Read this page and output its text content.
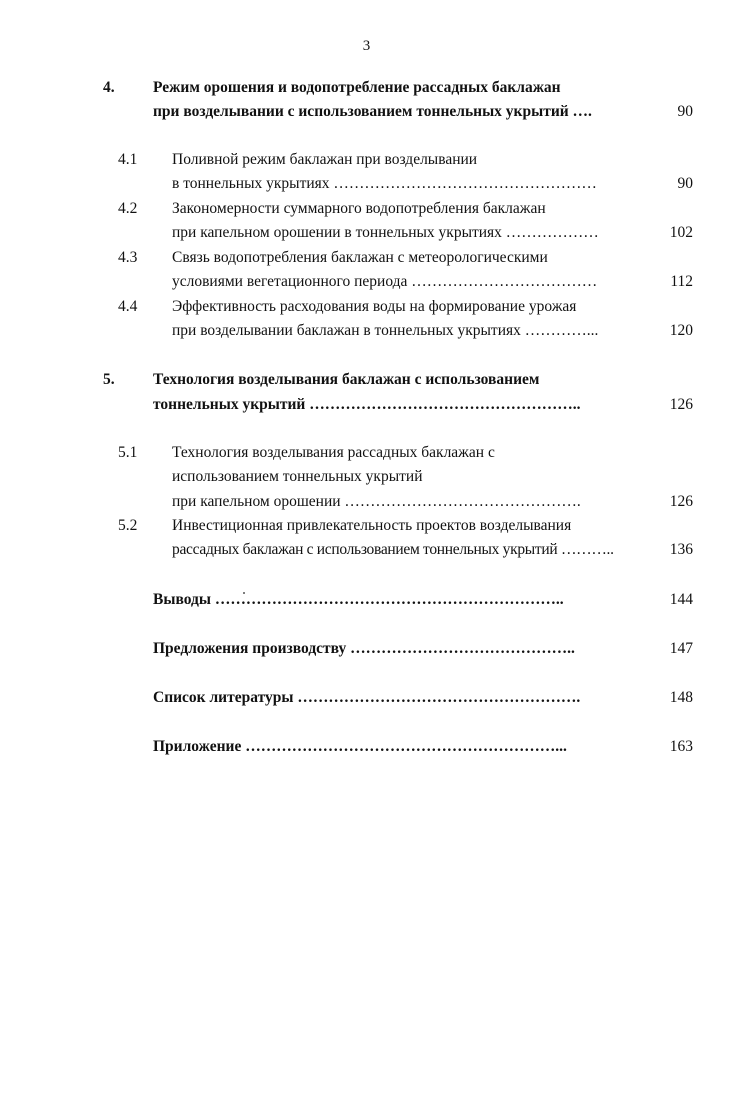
3
4. Режим орошения и водопотребление рассадных баклажан
при возделывании с использованием тоннельных укрытий ….	90
4.1 Поливной режим баклажан при возделывании
в тоннельных укрытиях ……………………………………………	90
4.2 Закономерности суммарного водопотребления баклажан
при капельном орошении в тоннельных укрытиях ………………	102
4.3 Связь водопотребления баклажан с метеорологическими
условиями вегетационного периода ………………………………	112
4.4 Эффективность расходования воды на формирование урожая
при возделывании баклажан в тоннельных укрытиях …………...	120
5. Технология возделывания баклажан с использованием
тоннельных укрытий ……………………………………………..	126
5.1 Технология возделывания рассадных баклажан с
использованием тоннельных укрытий
при капельном орошении ……………………………………….	126
5.2 Инвестиционная привлекательность проектов возделывания
рассадных баклажан с использованием тоннельных укрытий ………..	136
Выводы …………………………………………………………..	144
Предложения производству ……………………………………..	147
Список литературы ……………………………………………….	148
Приложение ……………………………………………………...	163
